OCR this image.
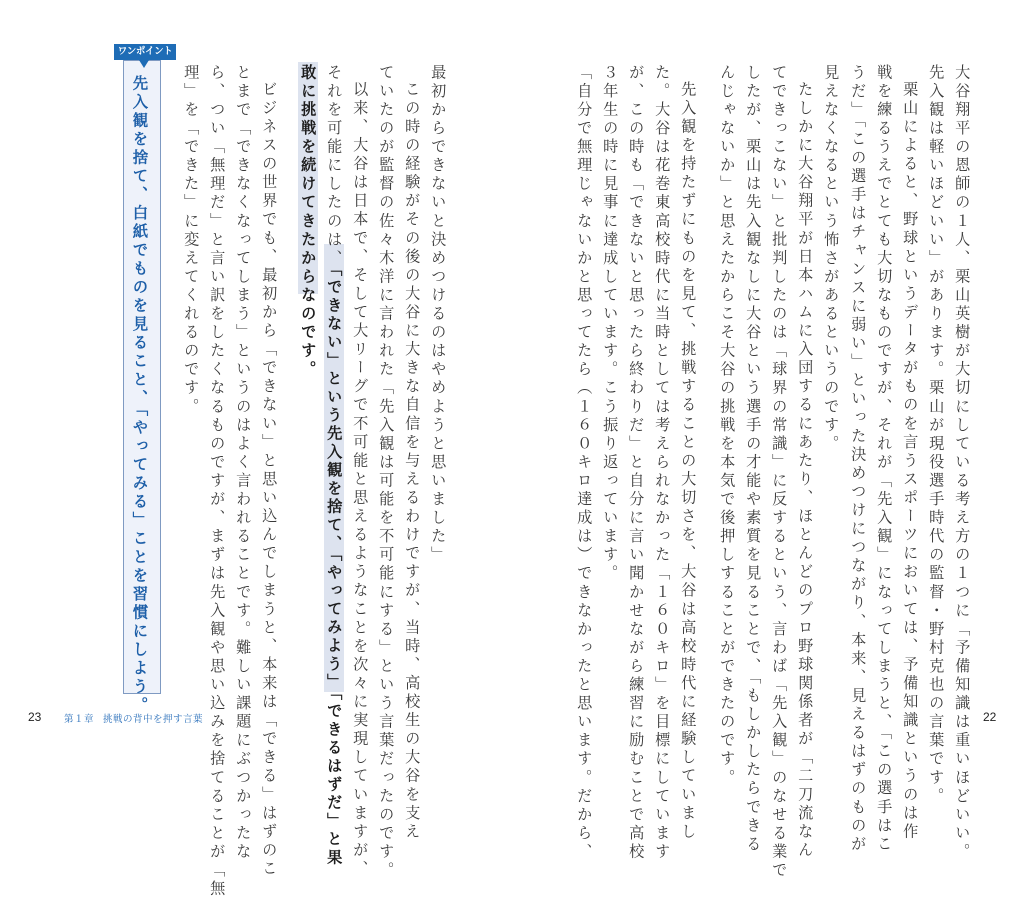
大谷翔平の恩師の１人、栗山英樹が大切にしている考え方の１つに「予備知識は重いほどいい。
先入観は軽いほどいい」があります。栗山が現役選手時代の監督・野村克也の言葉です。
栗山によると、野球というデータがものを言うスポーツにおいては、予備知識というのは作
戦を練るうえでとても大切なものですが、それが「先入観」になってしまうと、「この選手はこ
うだ」「この選手はチャンスに弱い」といった決めつけにつながり、本来、見えるはずのものが
見えなくなるという怖さがあるというのです。
たしかに大谷翔平が日本ハムに入団するにあたり、ほとんどのプロ野球関係者が「二刀流なん
てできっこない」と批判したのは「球界の常識」に反するという、言わば「先入観」のなせる業で
したが、栗山は先入観なしに大谷という選手の才能や素質を見ることで、「もしかしたらできる
んじゃないか」と思えたからこそ大谷の挑戦を本気で後押しすることができたのです。
先入観を持たずにものを見て、挑戦することの大切さを、大谷は高校時代に経験していまし
た。大谷は花巻東高校時代に当時としては考えられなかった「１６０キロ」を目標にしています
が、この時も「できないと思ったら終わりだ」と自分に言い聞かせながら練習に励むことで高校
３年生の時に見事に達成しています。こう振り返っています。
「自分で無理じゃないかと思ってたら（１６０キロ達成は）できなかったと思います。だから、	22
最初からできないと決めつけるのはやめようと思いました」
この時の経験がその後の大谷に大きな自信を与えるわけですが、当時、高校生の大谷を支え
ていたのが監督の佐々木洋に言われた「先入観は可能を不可能にする」という言葉だったのです。
以来、大谷は日本で、そして大リーグで不可能と思えるようなことを次々に実現していますが、
それを可能にしたのは、「できない」という先入観を捨て、「やってみよう」「できるはずだ」と果
敢に挑戦を続けてきたからなのです。
ビジネスの世界でも、最初から「できない」と思い込んでしまうと、本来は「できる」はずのこ
とまで「できなくなってしまう」というのはよく言われることです。難しい課題にぶつかったな
ら、つい「無理だ」と言い訳をしたくなるものですが、まずは先入観や思い込みを捨てることが「無
理」を「できた」に変えてくれるのです。
ワンポイント
先入観を捨て、白紙でものを見ること、「やってみる」ことを習慣にしよう。
23 第１章 挑戦の背中を押す言葉
